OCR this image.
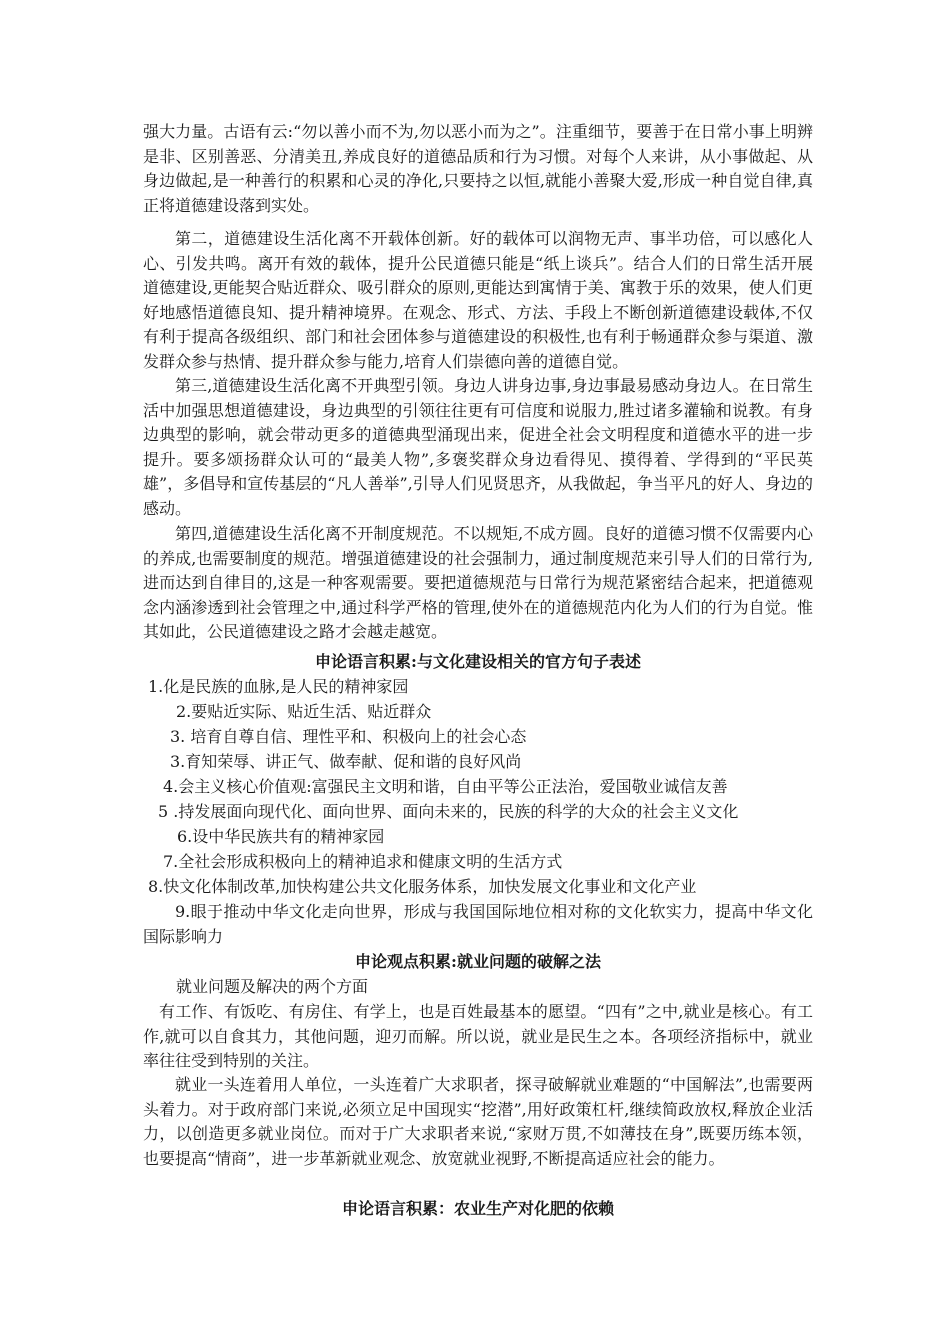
强大力量。古语有云:“勿以善小而不为,勿以恶小而为之”。注重细节，要善于在日常小事上明辨是非、区别善恶、分清美丑,养成良好的道德品质和行为习惯。对每个人来讲，从小事做起、从身边做起,是一种善行的积累和心灵的净化,只要持之以恒,就能小善聚大爱,形成一种自觉自律,真正将道德建设落到实处。

第二，道德建设生活化离不开载体创新。好的载体可以润物无声、事半功倍，可以感化人心、引发共鸣。离开有效的载体，提升公民道德只能是“纸上谈兵”。结合人们的日常生活开展道德建设,更能契合贴近群众、吸引群众的原则,更能达到寓情于美、寓教于乐的效果，使人们更好地感悟道德良知、提升精神境界。在观念、形式、方法、手段上不断创新道德建设载体,不仅有利于提高各级组织、部门和社会团体参与道德建设的积极性,也有利于畅通群众参与渠道、激发群众参与热情、提升群众参与能力,培育人们崇德向善的道德自觉。

第三,道德建设生活化离不开典型引领。身边人讲身边事,身边事最易感动身边人。在日常生活中加强思想道德建设，身边典型的引领往往更有可信度和说服力,胜过诸多灌输和说教。有身边典型的影响，就会带动更多的道德典型涌现出来，促进全社会文明程度和道德水平的进一步提升。要多颂扬群众认可的“最美人物”,多褒奖群众身边看得见、摸得着、学得到的“平民英雄”，多倡导和宣传基层的“凡人善举”,引导人们见贤思齐，从我做起，争当平凡的好人、身边的感动。

第四,道德建设生活化离不开制度规范。不以规矩,不成方圆。良好的道德习惯不仅需要内心的养成,也需要制度的规范。增强道德建设的社会强制力，通过制度规范来引导人们的日常行为,进而达到自律目的,这是一种客观需要。要把道德规范与日常行为规范紧密结合起来，把道德观念内涵渗透到社会管理之中,通过科学严格的管理,使外在的道德规范内化为人们的行为自觉。惟其如此，公民道德建设之路才会越走越宽。

申论语言积累:与文化建设相关的官方句子表述

1.化是民族的血脉,是人民的精神家园

2.要贴近实际、贴近生活、贴近群众

3. 培育自尊自信、理性平和、积极向上的社会心态

3.育知荣辱、讲正气、做奉献、促和谐的良好风尚

4.会主义核心价值观:富强民主文明和谐，自由平等公正法治，爱国敬业诚信友善

5 .持发展面向现代化、面向世界、面向未来的，民族的科学的大众的社会主义文化

6.设中华民族共有的精神家园

7.全社会形成积极向上的精神追求和健康文明的生活方式

8.快文化体制改革,加快构建公共文化服务体系，加快发展文化事业和文化产业

9.眼于推动中华文化走向世界，形成与我国国际地位相对称的文化软实力，提高中华文化国际影响力

申论观点积累:就业问题的破解之法

就业问题及解决的两个方面

有工作、有饭吃、有房住、有学上，也是百姓最基本的愿望。“四有”之中,就业是核心。有工作,就可以自食其力，其他问题，迎刃而解。所以说，就业是民生之本。各项经济指标中，就业率往往受到特别的关注。

就业一头连着用人单位，一头连着广大求职者，探寻破解就业难题的“中国解法”,也需要两头着力。对于政府部门来说,必须立足中国现实“挖潜”,用好政策杠杆,继续简政放权,释放企业活力，以创造更多就业岗位。而对于广大求职者来说,“家财万贯,不如薄技在身”,既要历练本领，也要提高“情商”，进一步革新就业观念、放宽就业视野,不断提高适应社会的能力。

申论语言积累：农业生产对化肥的依赖
